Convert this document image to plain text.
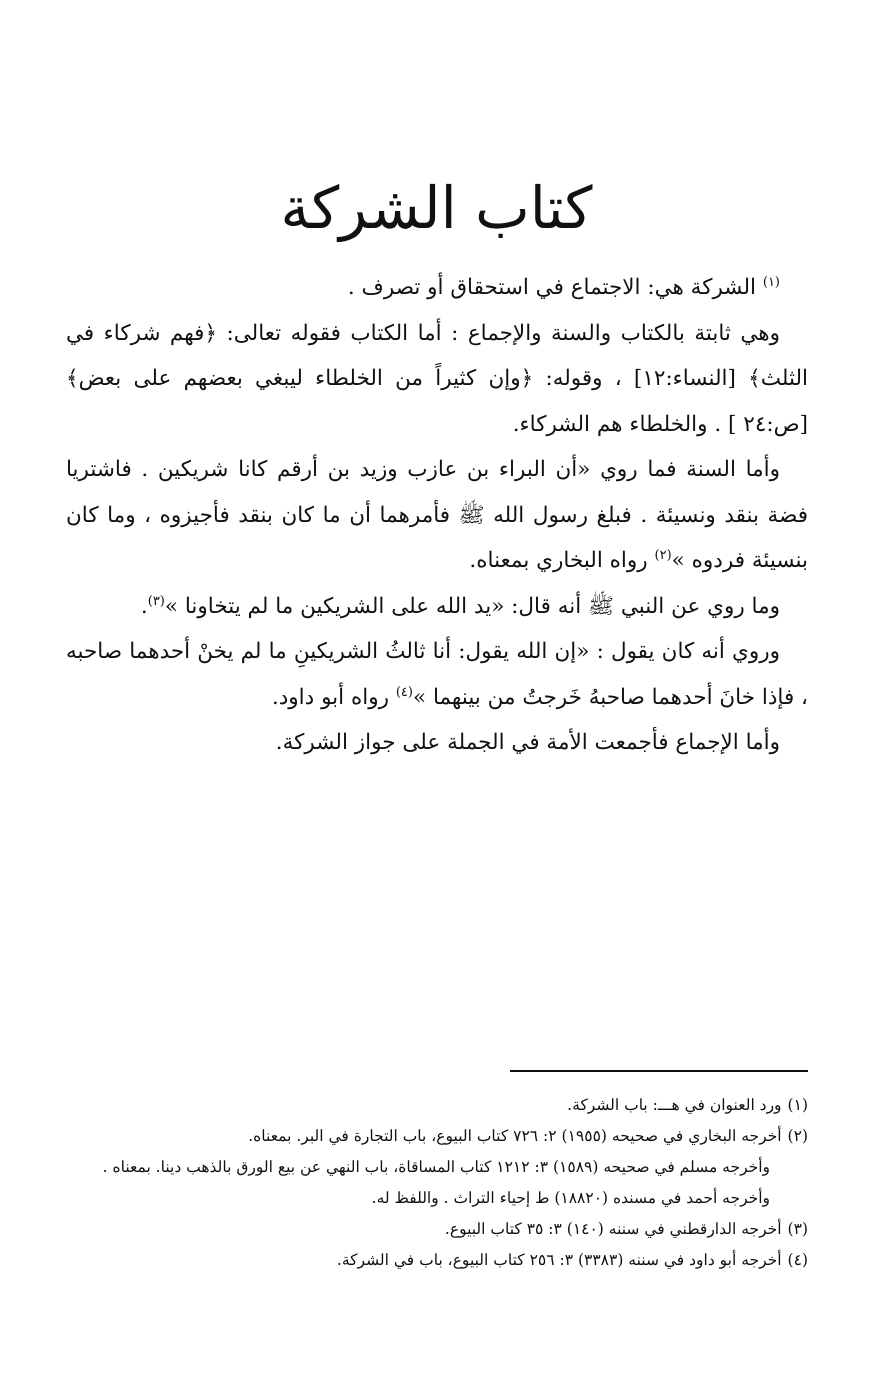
كتاب الشركة

$^{(١)}$ الشركة هي: الاجتماع في استحقاق أو تصرف .

وهي ثابتة بالكتاب والسنة والإجماع : أما الكتاب فقوله تعالى: ﴿فهم شركاء في الثلث﴾ [النساء:١٢] ، وقوله: ﴿وإن كثيراً من الخلطاء ليبغي بعضهم على بعض﴾ [ص:٢٤ ] . والخلطاء هم الشركاء.

وأما السنة فما روي «أن البراء بن عازب وزيد بن أرقم كانا شريكين . فاشتريا فضة بنقد ونسيئة . فبلغ رسول الله ﷺ فأمرهما أن ما كان بنقد فأجيزوه ، وما كان بنسيئة فردوه »$^{(٢)}$ رواه البخاري بمعناه.

وما روي عن النبي ﷺ أنه قال: «يد الله على الشريكين ما لم يتخاونا »$^{(٣)}$.

وروي أنه كان يقول : «إن الله يقول: أنا ثالثُ الشريكينِ ما لم يخنْ أحدهما صاحبه ، فإذا خانَ أحدهما صاحبهُ خَرجتُ من بينهما »$^{(٤)}$ رواه أبو داود.

وأما الإجماع فأجمعت الأمة في الجملة على جواز الشركة.

(١)ورد العنوان في هـــ: باب الشركة.

(٢)أخرجه البخاري في صحيحه (١٩٥٥) ٢: ٧٢٦ كتاب البيوع، باب التجارة في البر. بمعناه.

وأخرجه مسلم في صحيحه (١٥٨٩) ٣: ١٢١٢ كتاب المساقاة، باب النهي عن بيع الورق بالذهب دينا. بمعناه .

وأخرجه أحمد في مسنده (١٨٨٢٠) ط إحياء التراث . واللفظ له.

(٣)أخرجه الدارقطني في سننه (١٤٠) ٣: ٣٥ كتاب البيوع.

(٤)أخرجه أبو داود في سننه (٣٣٨٣) ٣: ٢٥٦ كتاب البيوع، باب في الشركة.
